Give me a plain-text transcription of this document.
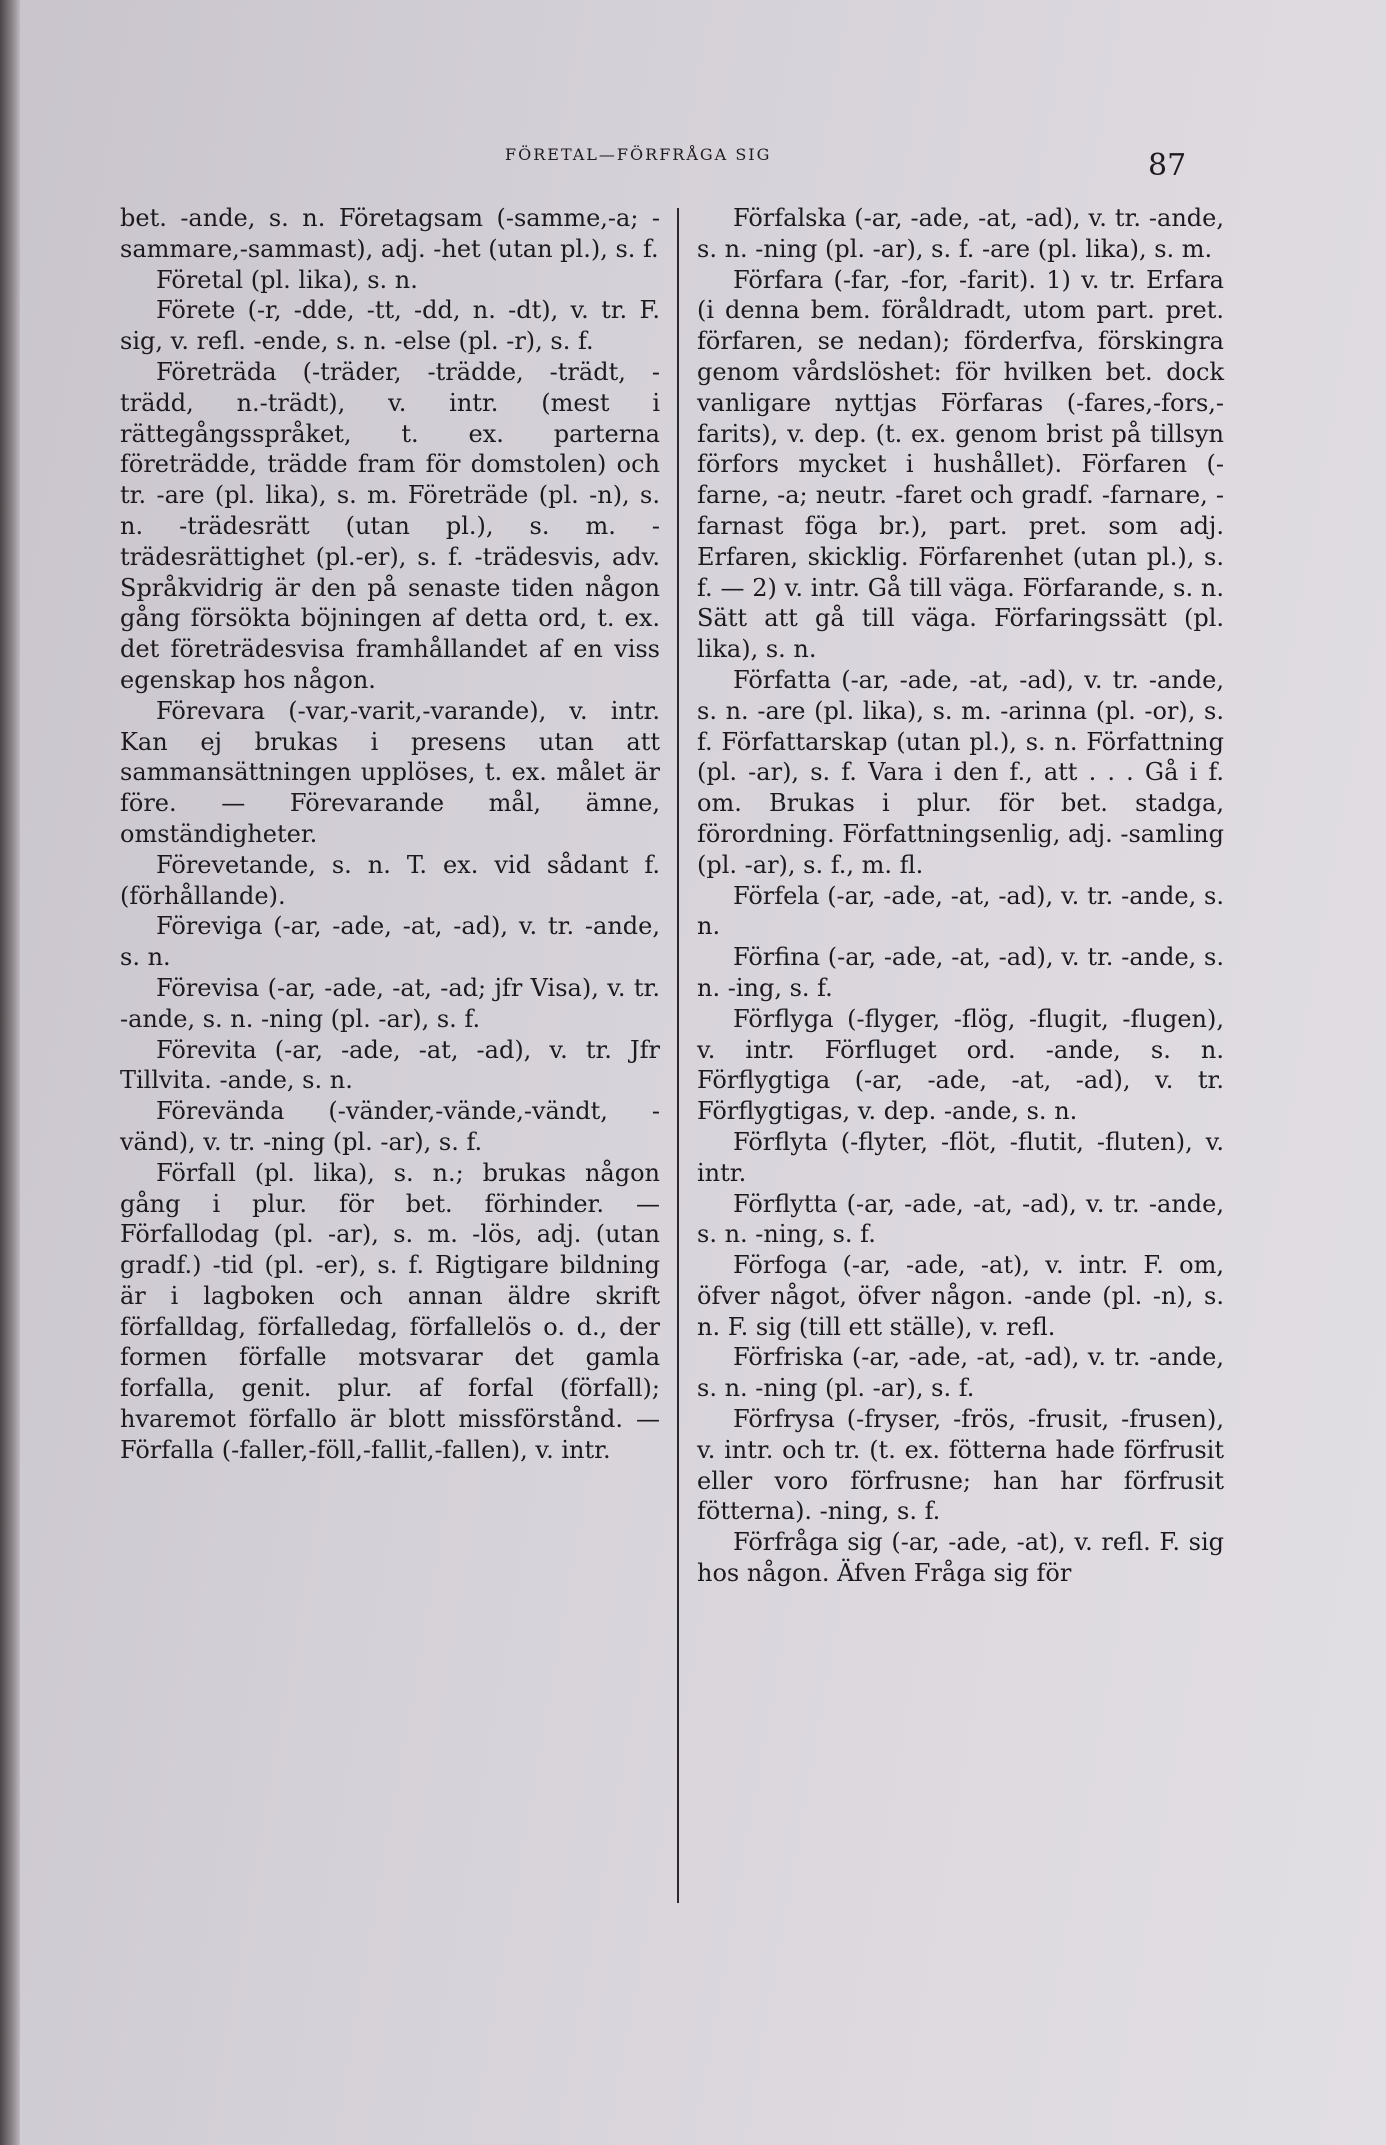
FÖRETAL—FÖRFRÅGA SIG	87

bet. -ande, s. n. Företagsam (-samme,-a; -sammare,-sammast), adj. -het (utan pl.), s. f.

Företal (pl. lika), s. n.

Förete (-r, -dde, -tt, -dd, n. -dt), v. tr. F. sig, v. refl. -ende, s. n. -else (pl. -r), s. f.

Företräda (-träder, -trädde, -trädt, -trädd, n.-trädt), v. intr. (mest i rättegångsspråket, t. ex. parterna företrädde, trädde fram för domstolen) och tr. -are (pl. lika), s. m. Företräde (pl. -n), s. n. -trädesrätt (utan pl.), s. m. -trädesrättighet (pl.-er), s. f. -trädesvis, adv. Språkvidrig är den på senaste tiden någon gång försökta böjningen af detta ord, t. ex. det företrädesvisa framhållandet af en viss egenskap hos någon.

Förevara (-var,-varit,-varande), v. intr. Kan ej brukas i presens utan att sammansättningen upplöses, t. ex. målet är före. — Förevarande mål, ämne, omständigheter.

Förevetande, s. n. T. ex. vid sådant f. (förhållande).

Föreviga (-ar, -ade, -at, -ad), v. tr. -ande, s. n.

Förevisa (-ar, -ade, -at, -ad; jfr Visa), v. tr. -ande, s. n. -ning (pl. -ar), s. f.

Förevita (-ar, -ade, -at, -ad), v. tr. Jfr Tillvita. -ande, s. n.

Förevända (-vänder,-vände,-vändt, -vänd), v. tr. -ning (pl. -ar), s. f.

Förfall (pl. lika), s. n.; brukas någon gång i plur. för bet. förhinder. — Förfallodag (pl. -ar), s. m. -lös, adj. (utan gradf.) -tid (pl. -er), s. f. Rigtigare bildning är i lagboken och annan äldre skrift förfalldag, förfalledag, förfallelös o. d., der formen förfalle motsvarar det gamla forfalla, genit. plur. af forfal (förfall); hvaremot förfallo är blott missförstånd. — Förfalla (-faller,-föll,-fallit,-fallen), v. intr.

Förfalska (-ar, -ade, -at, -ad), v. tr. -ande, s. n. -ning (pl. -ar), s. f. -are (pl. lika), s. m.

Förfara (-far, -for, -farit). 1) v. tr. Erfara (i denna bem. föråldradt, utom part. pret. förfaren, se nedan); förderfva, förskingra genom vårdslöshet: för hvilken bet. dock vanligare nyttjas Förfaras (-fares,-fors,-farits), v. dep. (t. ex. genom brist på tillsyn förfors mycket i hushållet). Förfaren (-farne, -a; neutr. -faret och gradf. -farnare, -farnast föga br.), part. pret. som adj. Erfaren, skicklig. Förfarenhet (utan pl.), s. f. — 2) v. intr. Gå till väga. Förfarande, s. n. Sätt att gå till väga. Förfaringssätt (pl. lika), s. n.

Författa (-ar, -ade, -at, -ad), v. tr. -ande, s. n. -are (pl. lika), s. m. -arinna (pl. -or), s. f. Författarskap (utan pl.), s. n. Författning (pl. -ar), s. f. Vara i den f., att . . . Gå i f. om. Brukas i plur. för bet. stadga, förordning. Författningsenlig, adj. -samling (pl. -ar), s. f., m. fl.

Förfela (-ar, -ade, -at, -ad), v. tr. -ande, s. n.

Förfina (-ar, -ade, -at, -ad), v. tr. -ande, s. n. -ing, s. f.

Förflyga (-flyger, -flög, -flugit, -flugen), v. intr. Förfluget ord. -ande, s. n. Förflygtiga (-ar, -ade, -at, -ad), v. tr. Förflygtigas, v. dep. -ande, s. n.

Förflyta (-flyter, -flöt, -flutit, -fluten), v. intr.

Förflytta (-ar, -ade, -at, -ad), v. tr. -ande, s. n. -ning, s. f.

Förfoga (-ar, -ade, -at), v. intr. F. om, öfver något, öfver någon. -ande (pl. -n), s. n. F. sig (till ett ställe), v. refl.

Förfriska (-ar, -ade, -at, -ad), v. tr. -ande, s. n. -ning (pl. -ar), s. f.

Förfrysa (-fryser, -frös, -frusit, -frusen), v. intr. och tr. (t. ex. fötterna hade förfrusit eller voro förfrusne; han har förfrusit fötterna). -ning, s. f.

Förfråga sig (-ar, -ade, -at), v. refl. F. sig hos någon. Äfven Fråga sig för
